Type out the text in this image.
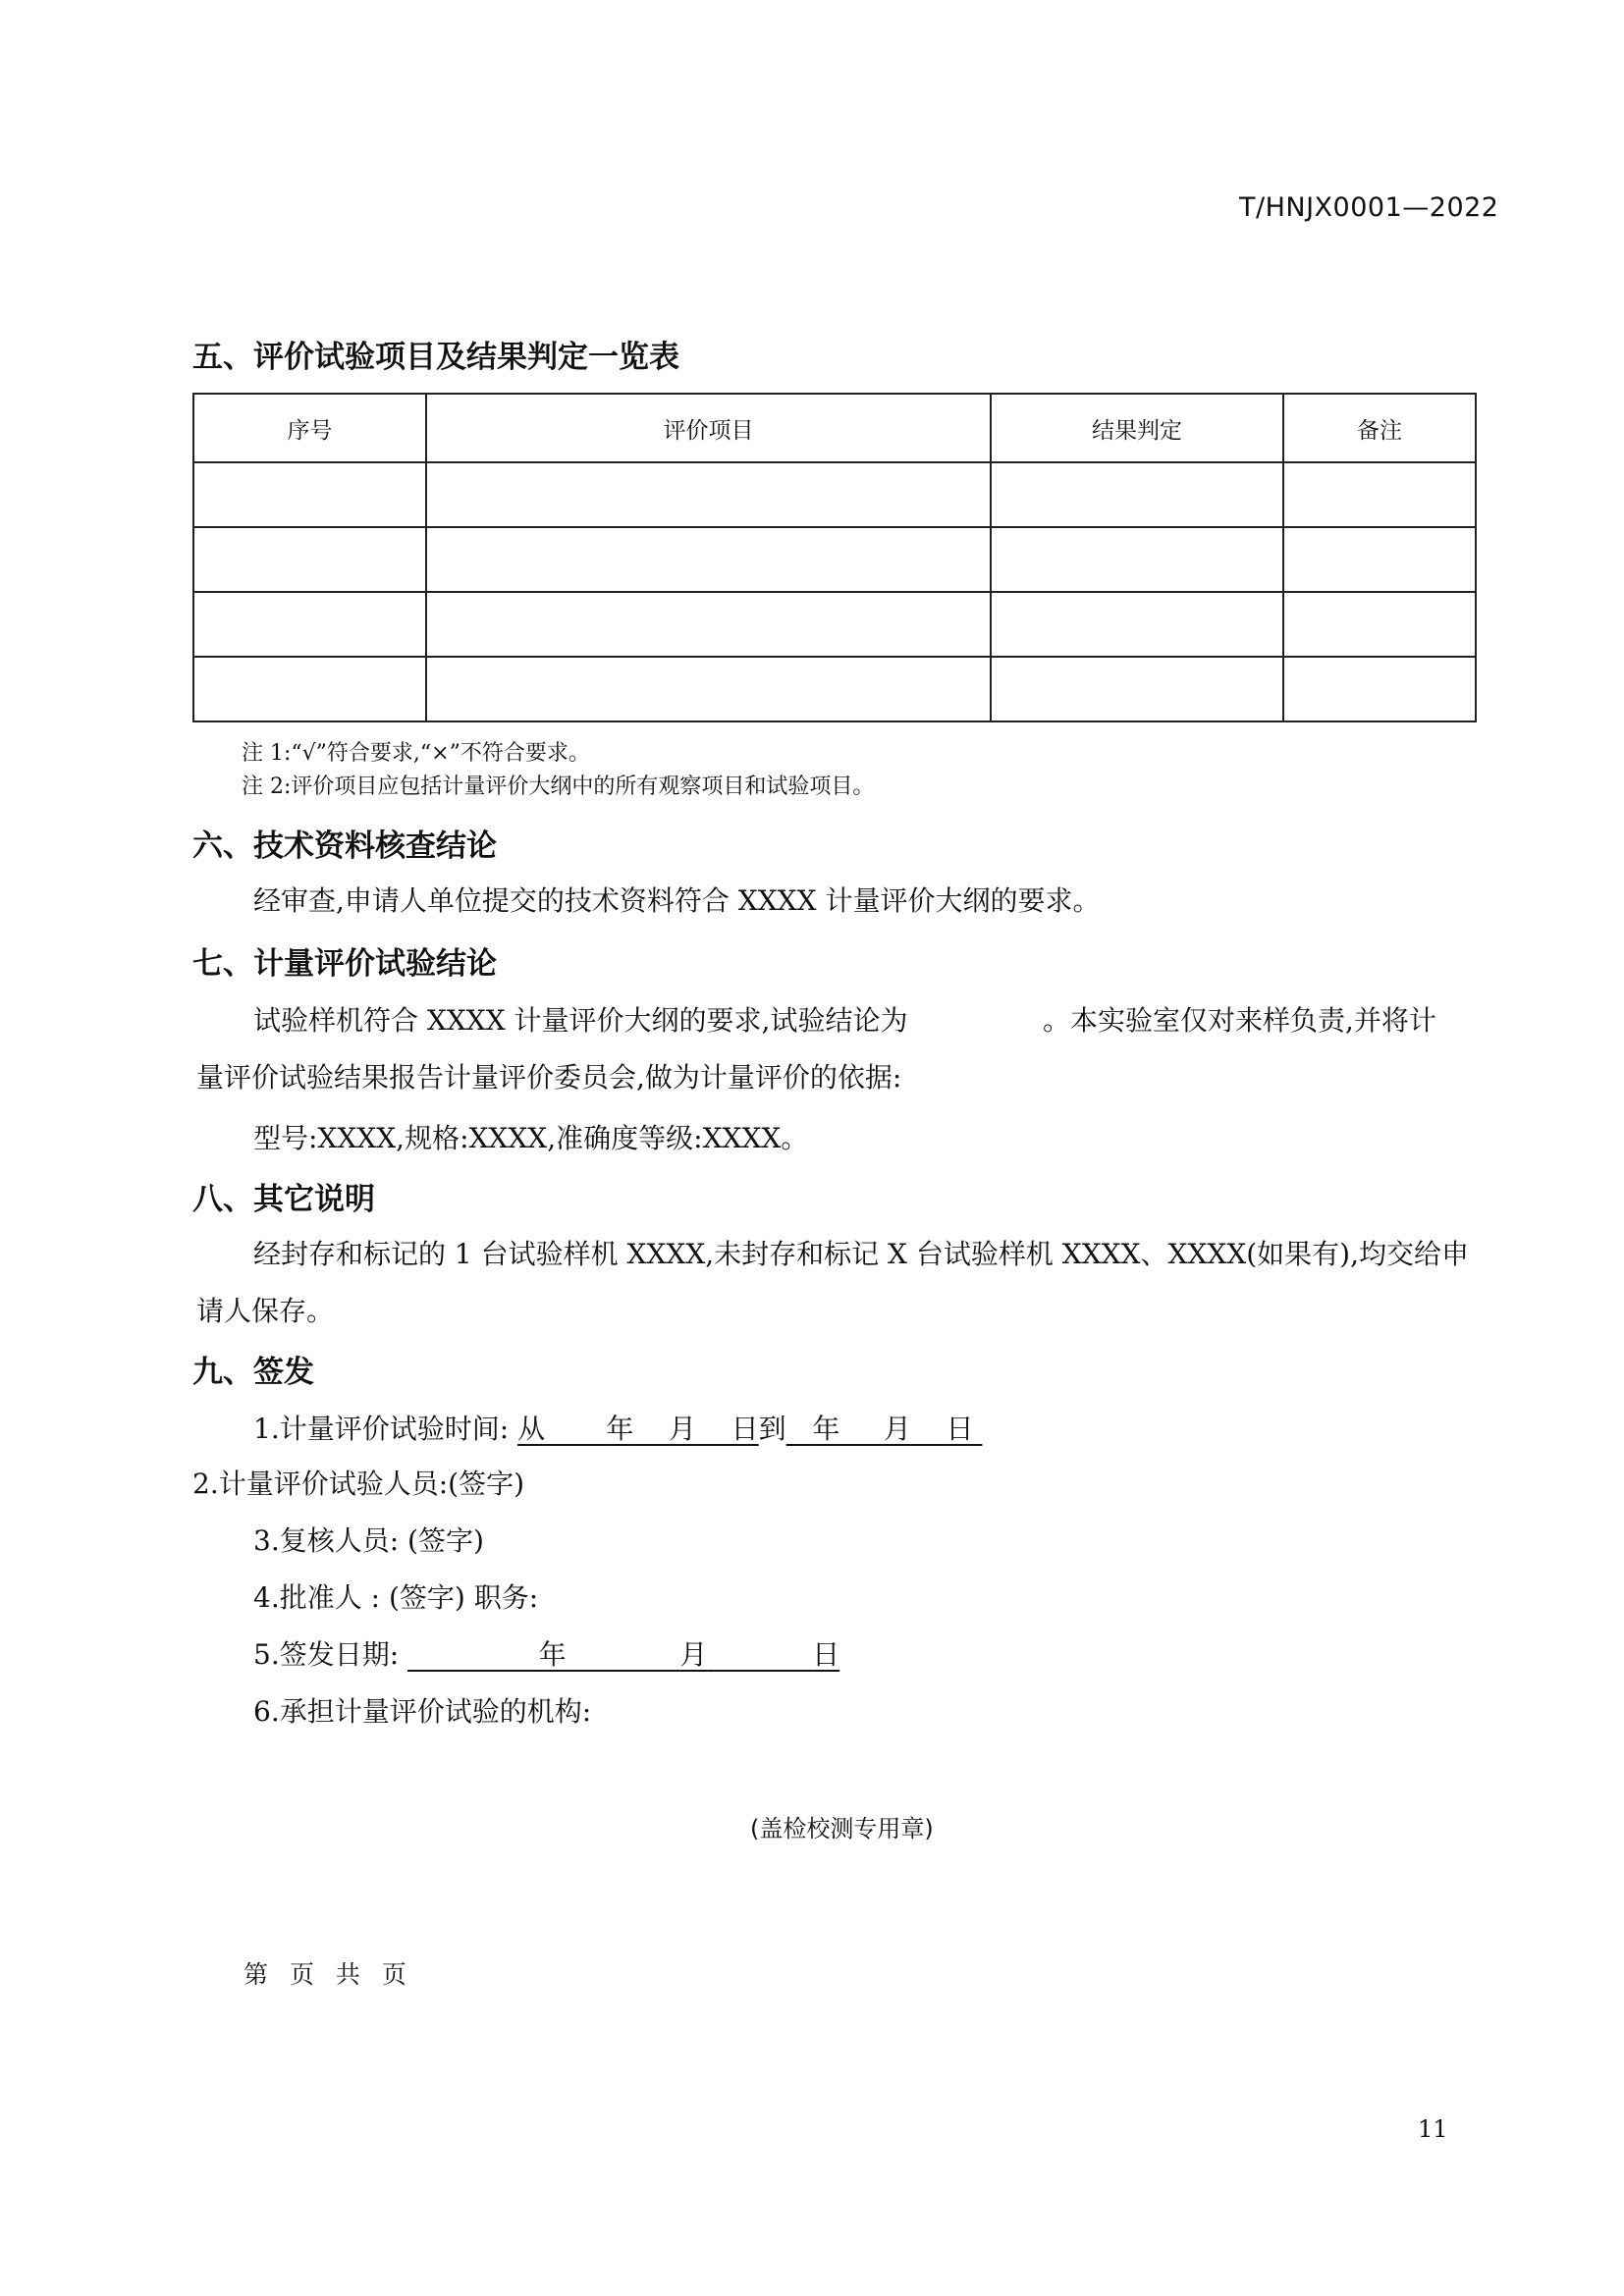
T/HNJX0001—2022
五、评价试验项目及结果判定一览表
序号	评价项目	结果判定	备注

注 1:“√”符合要求,“×”不符合要求。
注 2:评价项目应包括计量评价大纲中的所有观察项目和试验项目。
六、技术资料核查结论
经审查,申请人单位提交的技术资料符合 XXXX 计量评价大纲的要求。
七、计量评价试验结论
试验样机符合 XXXX 计量评价大纲的要求,试验结论为	。本实验室仅对来样负责,并将计
量评价试验结果报告计量评价委员会,做为计量评价的依据:
型号:XXXX,规格:XXXX,准确度等级:XXXX。
八、其它说明
经封存和标记的 1 台试验样机 XXXX,未封存和标记 X 台试验样机 XXXX、XXXX(如果有),均交给申
请人保存。
九、签发
1.计量评价试验时间: 从 年 月 日到 年 月 日
2.计量评价试验人员:(签字)
3.复核人员: (签字)
4.批准人 : (签字) 职务:
5.签发日期:	年	月	日
6.承担计量评价试验的机构:
(盖检校测专用章)
第 页 共 页
11
